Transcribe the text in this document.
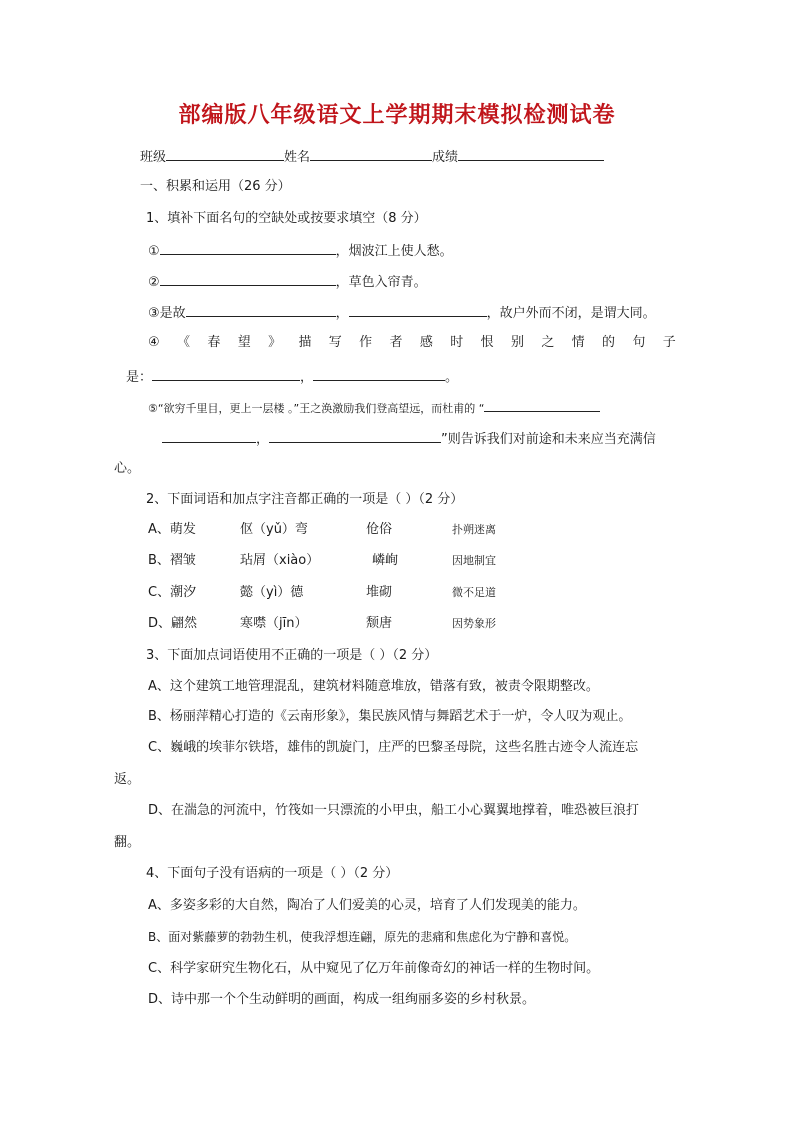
部编版八年级语文上学期期末模拟检测试卷
班级	姓名	成绩
一、积累和运用（26 分）
1、填补下面名句的空缺处或按要求填空（8 分）
①	，烟波江上使人愁。
②	，草色入帘青。
③是故	，	，故户外而不闭，是谓大同。
④ 《 春 望 》 描 写 作 者 感 时 恨 别 之 情 的 句 子
是：	，	。
⑤“欲穷千里目，更上一层楼 。”王之涣激励我们登高望远，而杜甫的 “
，	”则告诉我们对前途和未来应当充满信
心。
2、下面词语和加点字注音都正确的一项是（ ）（2 分）
A、萌发	伛（yǔ）弯	伧俗	扑朔迷离
B、褶皱	玷屑（xiào）	嶙峋	因地制宜
C、潮汐	懿（yì）德	堆砌	微不足道
D、翩然	寒噤（jīn）	颓唐	因势象形
3、下面加点词语使用不正确的一项是（ ）（2 分）
A、这个建筑工地管理混乱，建筑材料随意堆放，错落有致，被责令限期整改。
B、杨丽萍精心打造的《云南形象》，集民族风情与舞蹈艺术于一炉，令人叹为观止。
C、巍峨的埃菲尔铁塔，雄伟的凯旋门，庄严的巴黎圣母院，这些名胜古迹令人流连忘
返。
D、在湍急的河流中，竹筏如一只漂流的小甲虫，船工小心翼翼地撑着，唯恐被巨浪打
翻。
4、下面句子没有语病的一项是（ ）（2 分）
A、多姿多彩的大自然，陶冶了人们爱美的心灵，培育了人们发现美的能力。
B、面对紫藤萝的勃勃生机，使我浮想连翩，原先的悲痛和焦虑化为宁静和喜悦。
C、科学家研究生物化石，从中窥见了亿万年前像奇幻的神话一样的生物时间。
D、诗中那一个个生动鲜明的画面，构成一组绚丽多姿的乡村秋景。
